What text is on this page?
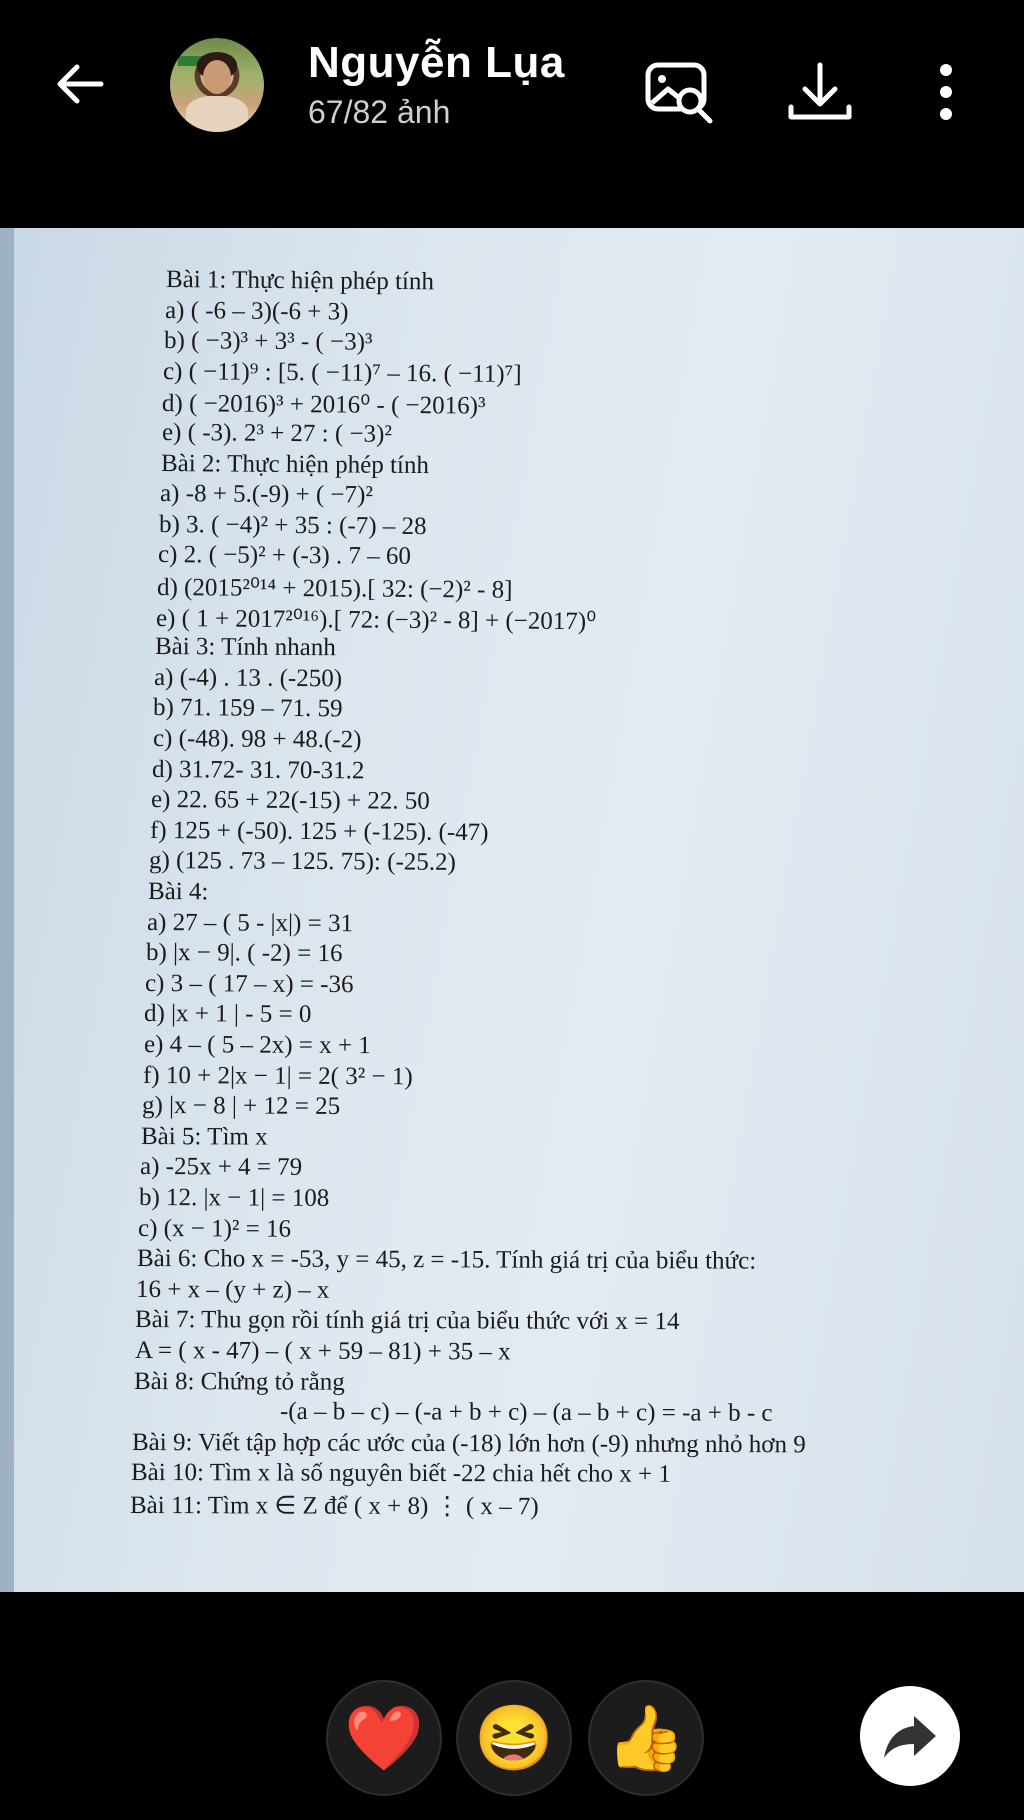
Nguyễn Lụa
67/82 ảnh
Bài 1: Thực hiện phép tính
a) ( -6 – 3)(-6 + 3)
b) ( −3)³ + 3³ - ( −3)³
c) ( −11)⁹ : [5. ( −11)⁷ – 16. ( −11)⁷]
d) ( −2016)³ + 2016⁰ - ( −2016)³
e) ( -3). 2³ + 27 : ( −3)²
Bài 2: Thực hiện phép tính
a) -8 + 5.(-9) + ( −7)²
b) 3. ( −4)² + 35 : (-7) – 28
c) 2. ( −5)² + (-3) . 7 – 60
d) (2015²⁰¹⁴ + 2015).[ 32: (−2)² - 8]
e) ( 1 + 2017²⁰¹⁶).[ 72: (−3)² - 8] + (−2017)⁰
Bài 3: Tính nhanh
a) (-4) . 13 . (-250)
b) 71. 159 – 71. 59
c) (-48). 98 + 48.(-2)
d) 31.72- 31. 70-31.2
e) 22. 65 + 22(-15) + 22. 50
f) 125 + (-50). 125 + (-125). (-47)
g) (125 . 73 – 125. 75): (-25.2)
Bài 4:
a) 27 – ( 5 - |x|) = 31
b) |x − 9|. ( -2) = 16
c) 3 – ( 17 – x) = -36
d) |x + 1 | - 5 = 0
e) 4 – ( 5 – 2x) = x + 1
f) 10 + 2|x − 1| = 2( 3² − 1)
g) |x − 8 | + 12 = 25
Bài 5: Tìm x
a) -25x + 4 = 79
b) 12. |x − 1| = 108
c) (x − 1)² = 16
Bài 6: Cho x = -53, y = 45, z = -15. Tính giá trị của biểu thức:
16 + x – (y + z) – x
Bài 7: Thu gọn rồi tính giá trị của biểu thức với x = 14
A = ( x - 47) – ( x + 59 – 81) + 35 – x
Bài 8: Chứng tỏ rằng
-(a – b – c) – (-a + b + c) – (a – b + c) = -a + b - c
Bài 9: Viết tập hợp các ước của (-18) lớn hơn (-9) nhưng nhỏ hơn 9
Bài 10: Tìm x là số nguyên biết -22 chia hết cho x + 1
Bài 11: Tìm x ∈ Z để ( x + 8) ⋮ ( x – 7)
❤️ 😆 👍
